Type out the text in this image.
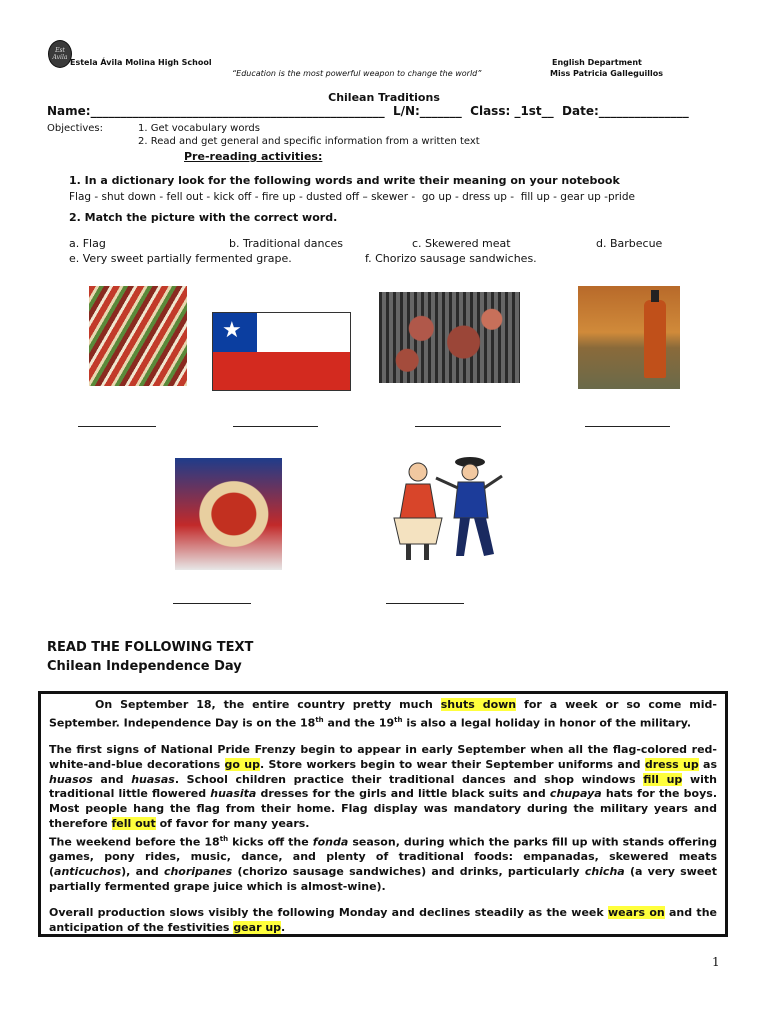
Est Avila
Estela Ávila Molina High School
“Education is the most powerful weapon to change the world”
English Department
Miss Patricia Galleguillos
Chilean Traditions
Name:_________________________________________________  L/N:_______  Class: _1st__  Date:_______________
Objectives:	1. Get vocabulary words
2. Read and get general and specific information from a written text
Pre-reading activities:
1. In a dictionary look for the following words and write their meaning on your notebook
Flag - shut down - fell out - kick off - fire up - dusted off – skewer -  go up - dress up -  fill up - gear up -pride
2. Match the picture with the correct word.
a. Flag	b. Traditional dances	c. Skewered meat	d. Barbecue
e. Very sweet partially fermented grape.	f. Chorizo sausage sandwiches.
★
READ THE FOLLOWING TEXT
Chilean Independence Day
On September 18, the entire country pretty much shuts down for a week or so come mid-September. Independence Day is on the 18th and the 19th is also a legal holiday in honor of the military.
The first signs of National Pride Frenzy begin to appear in early September when all the flag-colored red-white-and-blue decorations go up. Store workers begin to wear their September uniforms and dress up as huasos and huasas. School children practice their traditional dances and shop windows fill up with traditional little flowered huasita dresses for the girls and little black suits and chupaya hats for the boys. Most people hang the flag from their home. Flag display was mandatory during the military years and therefore fell out of favor for many years.
The weekend before the 18th kicks off the fonda season, during which the parks fill up with stands offering games, pony rides, music, dance, and plenty of traditional foods: empanadas, skewered meats (anticuchos), and choripanes (chorizo sausage sandwiches) and drinks, particularly chicha (a very sweet partially fermented grape juice which is almost-wine).
Overall production slows visibly the following Monday and declines steadily as the week wears on and the anticipation of the festivities gear up.
1
